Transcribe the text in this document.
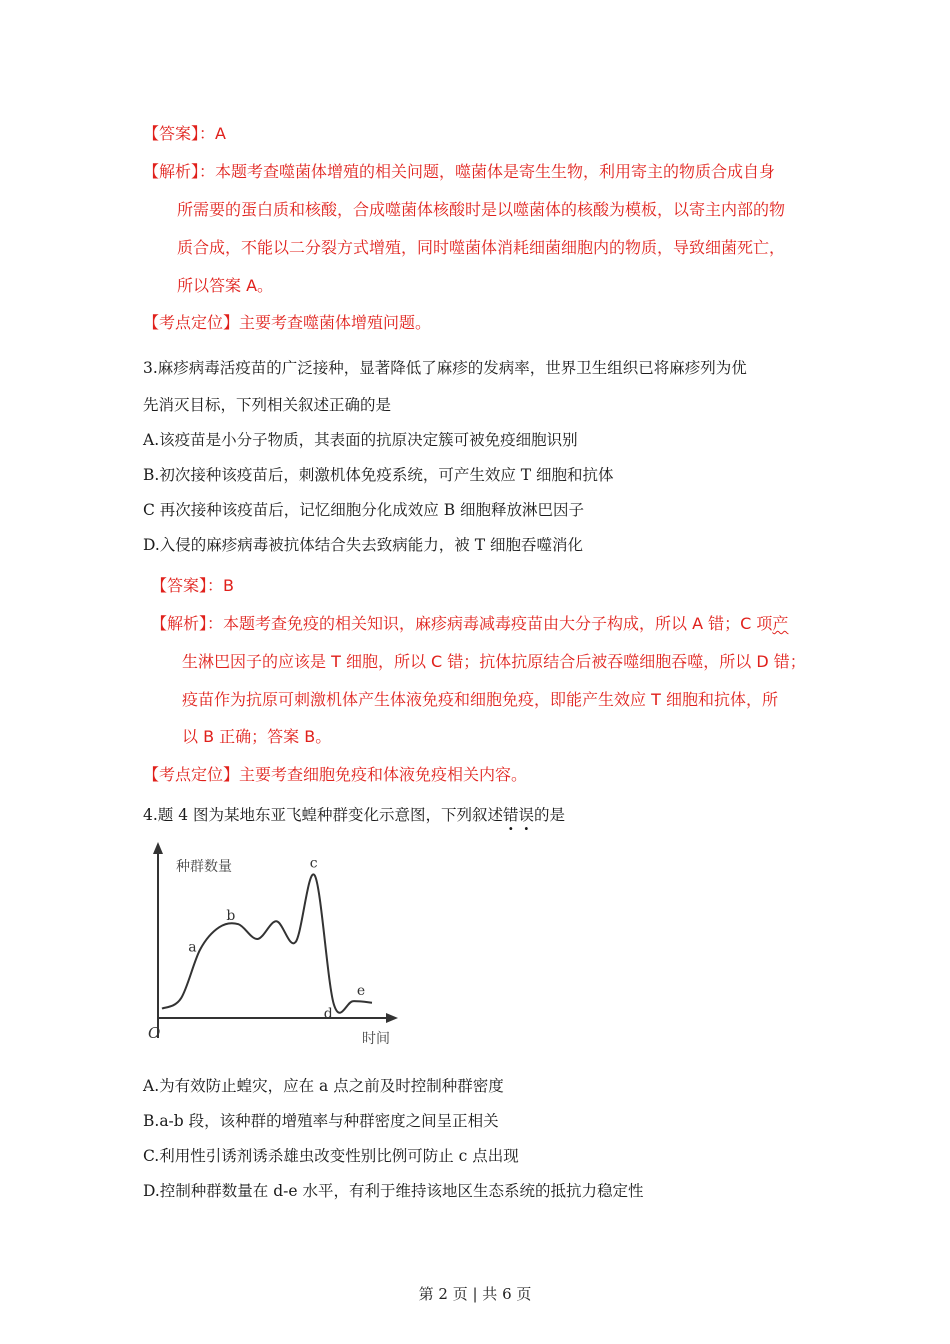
【答案】：A
【解析】：本题考查噬菌体增殖的相关问题，噬菌体是寄生生物，利用寄主的物质合成自身
所需要的蛋白质和核酸，合成噬菌体核酸时是以噬菌体的核酸为模板，以寄主内部的物
质合成，不能以二分裂方式增殖，同时噬菌体消耗细菌细胞内的物质，导致细菌死亡，
所以答案 A。
【考点定位】主要考查噬菌体增殖问题。
3.麻疹病毒活疫苗的广泛接种，显著降低了麻疹的发病率，世界卫生组织已将麻疹列为优
先消灭目标，下列相关叙述正确的是
A.该疫苗是小分子物质，其表面的抗原决定簇可被免疫细胞识别
B.初次接种该疫苗后，刺激机体免疫系统，可产生效应 T 细胞和抗体
C 再次接种该疫苗后，记忆细胞分化成效应 B 细胞释放淋巴因子
D.入侵的麻疹病毒被抗体结合失去致病能力，被 T 细胞吞噬消化
【答案】：B
【解析】：本题考查免疫的相关知识，麻疹病毒减毒疫苗由大分子构成，所以 A 错；C 项产
生淋巴因子的应该是 T 细胞，所以 C 错；抗体抗原结合后被吞噬细胞吞噬，所以 D 错；
疫苗作为抗原可刺激机体产生体液免疫和细胞免疫，即能产生效应 T 细胞和抗体，所
以 B 正确；答案 B。
【考点定位】主要考查细胞免疫和体液免疫相关内容。
4.题 4 图为某地东亚飞蝗种群变化示意图，下列叙述错误的是
种群数量
时间
O
a
b
c
d
e
A.为有效防止蝗灾，应在 a 点之前及时控制种群密度
B.a-b 段，该种群的增殖率与种群密度之间呈正相关
C.利用性引诱剂诱杀雄虫改变性别比例可防止 c 点出现
D.控制种群数量在 d-e 水平，有利于维持该地区生态系统的抵抗力稳定性
第 2 页 | 共 6 页
